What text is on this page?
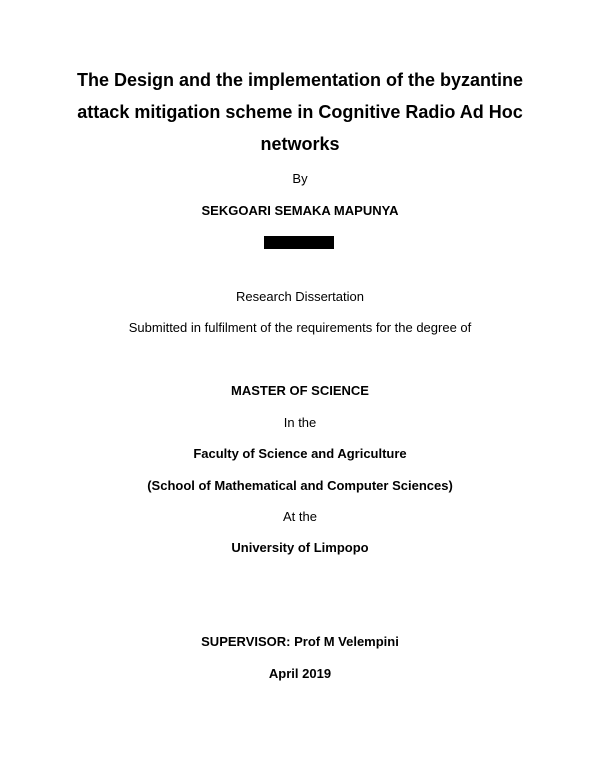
The Design and the implementation of the byzantine
attack mitigation scheme in Cognitive Radio Ad Hoc
networks
By
SEKGOARI SEMAKA MAPUNYA
Research Dissertation
Submitted in fulfilment of the requirements for the degree of
MASTER OF SCIENCE
In the
Faculty of Science and Agriculture
(School of Mathematical and Computer Sciences)
At the
University of Limpopo
SUPERVISOR: Prof M Velempini
April 2019
